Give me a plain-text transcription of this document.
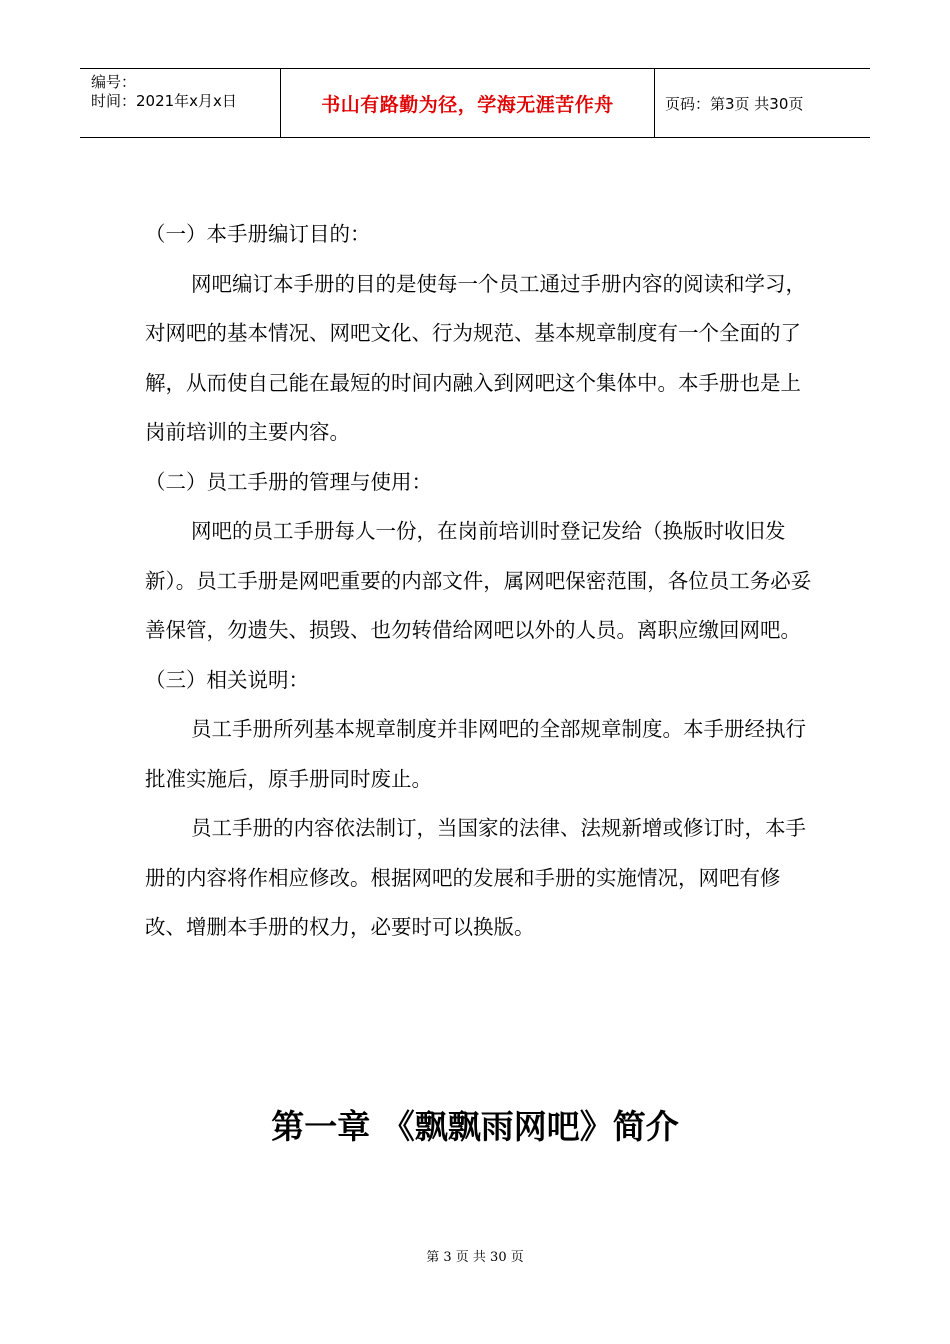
编号：
时间：2021年x月x日	书山有路勤为径，学海无涯苦作舟	页码：第3页 共30页

（一）本手册编订目的：

网吧编订本手册的目的是使每一个员工通过手册内容的阅读和学习，对网吧的基本情况、网吧文化、行为规范、基本规章制度有一个全面的了解，从而使自己能在最短的时间内融入到网吧这个集体中。本手册也是上岗前培训的主要内容。

（二）员工手册的管理与使用：

网吧的员工手册每人一份，在岗前培训时登记发给（换版时收旧发新）。员工手册是网吧重要的内部文件，属网吧保密范围，各位员工务必妥善保管，勿遗失、损毁、也勿转借给网吧以外的人员。离职应缴回网吧。

（三）相关说明：

员工手册所列基本规章制度并非网吧的全部规章制度。本手册经执行批准实施后，原手册同时废止。

员工手册的内容依法制订，当国家的法律、法规新增或修订时，本手册的内容将作相应修改。根据网吧的发展和手册的实施情况，网吧有修改、增删本手册的权力，必要时可以换版。

第一章 《飘飘雨网吧》简介
第 3 页 共 30 页
